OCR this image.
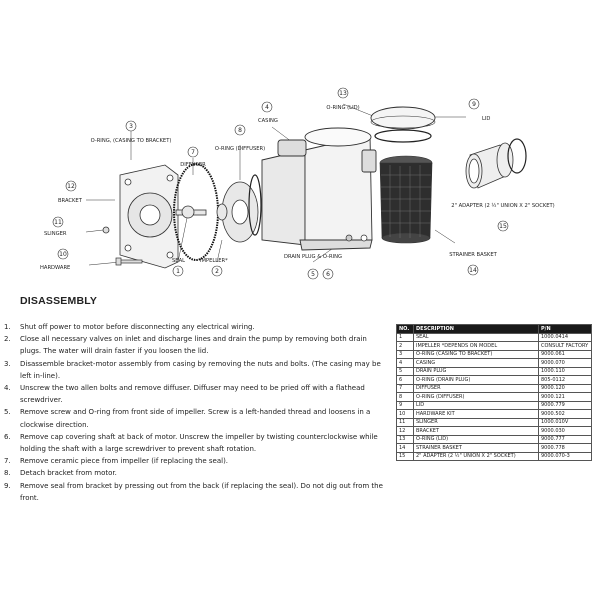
3
12
11
10
7
8
4
13
9
15
14
1	2	5 6
O-RING, (CASING TO BRACKET)
O-RING (DIFFUSER)
O-RING (LID)
STRAINER BASKET
2" ADAPTER (2 ½" UNION X 2" SOCKET)
DRAIN PLUG & O-RING
DIFFUSER
BRACKET
SLINGER
HARDWARE
CASING	LID
SEAL	IMPELLER*
DISASSEMBLY
1.	Shut off power to motor before disconnecting any electrical wiring.
2.	Close all necessary valves on inlet and discharge lines and drain the pump by removing both drain plugs. The water will drain faster if you loosen the lid.
3.	Disassemble bracket-motor assembly from casing by removing the nuts and bolts. (The casing may be left in-line).
4.	Unscrew the two allen bolts and remove diffuser. Diffuser may need to be pried off with a flathead screwdriver.
5.	Remove screw and O-ring from front side of impeller. Screw is a left-handed thread and loosens in a clockwise direction.
6.	Remove cap covering shaft at back of motor. Unscrew the impeller by twisting counterclockwise while holding the shaft with a large screwdriver to prevent shaft rotation.
7.	Remove ceramic piece from impeller (if replacing the seal).
8.	Detach bracket from motor.
9.	Remove seal from bracket by pressing out from the back (if replacing the seal). Do not dig out from the front.
NO.	DESCRIPTION	P/N
1	SEAL	1000.0414
2	IMPELLER *DEPENDS ON MODEL	CONSULT FACTORY
3	O-RING (CASING TO BRACKET)	9000.061
4	CASING	9000.070
5	DRAIN PLUG	1000.110
6	O-RING (DRAIN PLUG)	805-0112
7	DIFFUSER	9000.120
8	O-RING (DIFFUSER)	9000.121
9	LID	9000.779
10	HARDWARE KIT	9000.502
11	SLINGER	1000.010V
12	BRACKET	9000.030
13	O-RING (LID)	9000.777
14	STRAINER BASKET	9000.778
15	2" ADAPTER (2 ½" UNION X 2" SOCKET)	9000.070-3
